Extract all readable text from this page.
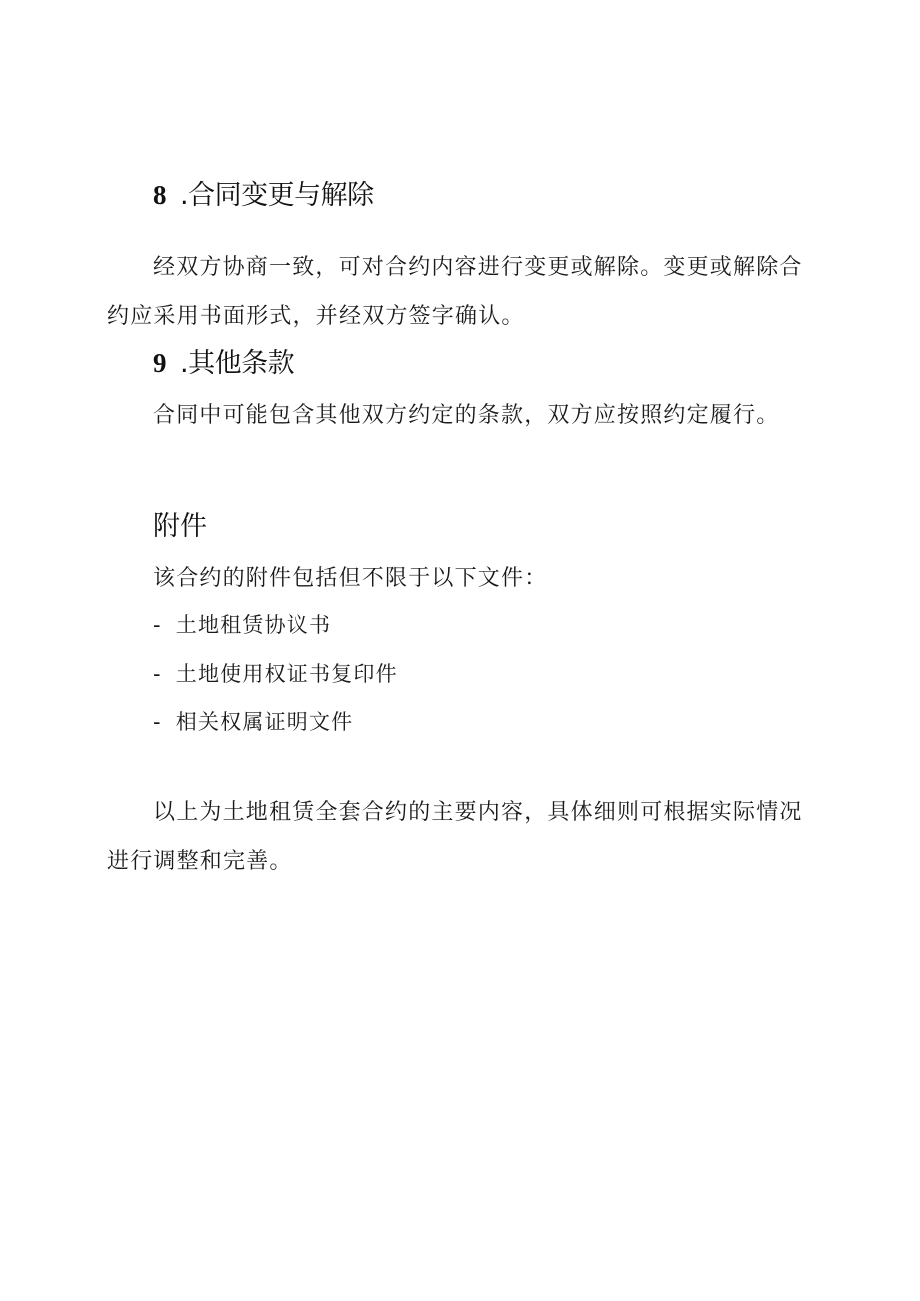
8 .合同变更与解除

经双方协商一致，可对合约内容进行变更或解除。变更或解除合约应采用书面形式，并经双方签字确认。

9 .其他条款
合同中可能包含其他双方约定的条款，双方应按照约定履行。
附件
该合约的附件包括但不限于以下文件：
- 土地租赁协议书
- 土地使用权证书复印件
- 相关权属证明文件

以上为土地租赁全套合约的主要内容，具体细则可根据实际情况进行调整和完善。
